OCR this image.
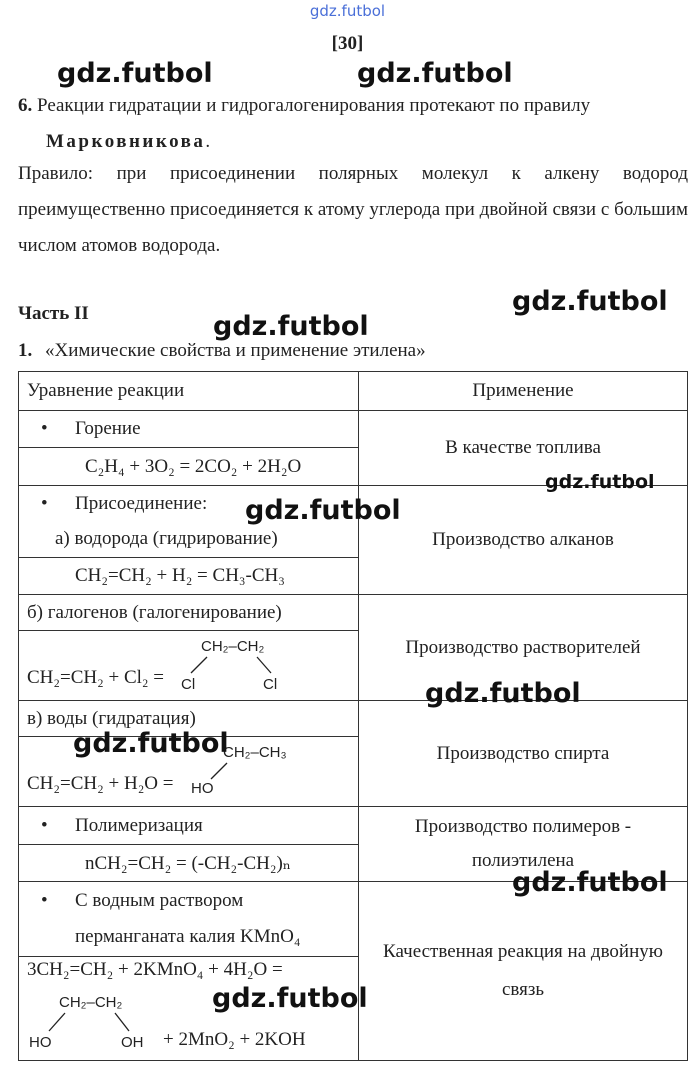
gdz.futbol
[30]
6. Реакции гидратации и гидрогалогенирования протекают по правилу
Марковникова.
Правило: при присоединении полярных молекул к алкену водород преимущественно присоединяется к атому углерода при двойной связи с большим числом атомов водорода.
Часть II
1. «Химические свойства и применение этилена»
Уравнение реакции	Применение
• Горение	В качестве топлива
C₂H₄ + 3O₂ = 2CO₂ + 2H₂O	
• Присоединение:	Производство алканов
а) водорода (гидрирование)	
CH₂=CH₂ + H₂ = CH₃-CH₃	
б) галогенов (галогенирование)	Производство растворителей

CH₂=CH₂ + Cl₂ =
CH₂–CH₂
Cl Cl	

в) воды (гидратация)	Производство спирта

CH₂=CH₂ + H₂O =
CH₂–CH₃
HO	

• Полимеризация	Производство полимеров -
полиэтилена
nCH₂=CH₂ = (-CH₂-CH₂)ₙ	
• С водным раствором
перманганата калия KMnO₄	Качественная реакция на двойную
связь

3CH₂=CH₂ + 2KMnO₄ + 4H₂O =
CH₂–CH₂
HO OH + 2MnO₂ + 2KOH	
gdz.futbol	gdz.futbol
gdz.futbol
gdz.futbol
gdz.futbol
gdz.futbol
gdz.futbol
gdz.futbol
gdz.futbol
gdz.futbol
